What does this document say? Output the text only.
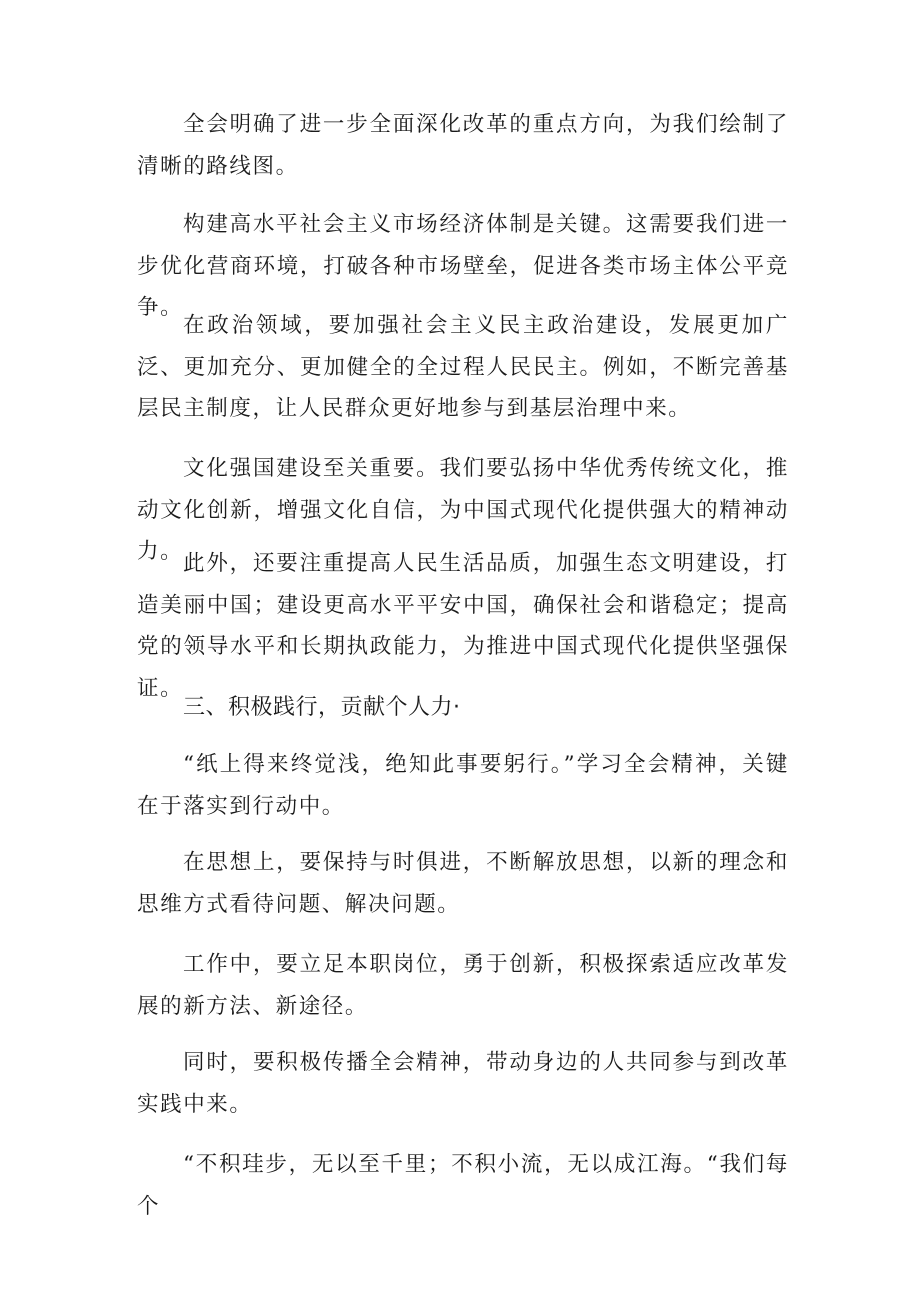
全会明确了进一步全面深化改革的重点方向，为我们绘制了清晰的路线图。

构建高水平社会主义市场经济体制是关键。这需要我们进一步优化营商环境，打破各种市场壁垒，促进各类市场主体公平竞争。

在政治领域，要加强社会主义民主政治建设，发展更加广泛、更加充分、更加健全的全过程人民民主。例如，不断完善基层民主制度，让人民群众更好地参与到基层治理中来。

文化强国建设至关重要。我们要弘扬中华优秀传统文化，推动文化创新，增强文化自信，为中国式现代化提供强大的精神动力。 此外，还要注重提高人民生活品质，加强生态文明建设，打造美丽中国；建设更高水平平安中国，确保社会和谐稳定；提高党的领导水平和长期执政能力，为推进中国式现代化提供坚强保证。

三、积极践行，贡献个人力·

“纸上得来终觉浅，绝知此事要躬行。”学习全会精神，关键在于落实到行动中。

在思想上，要保持与时俱进，不断解放思想，以新的理念和思维方式看待问题、解决问题。

工作中，要立足本职岗位，勇于创新，积极探索适应改革发展的新方法、新途径。

同时，要积极传播全会精神，带动身边的人共同参与到改革实践中来。

“不积珪步，无以至千里；不积小流，无以成江海。“我们每个
